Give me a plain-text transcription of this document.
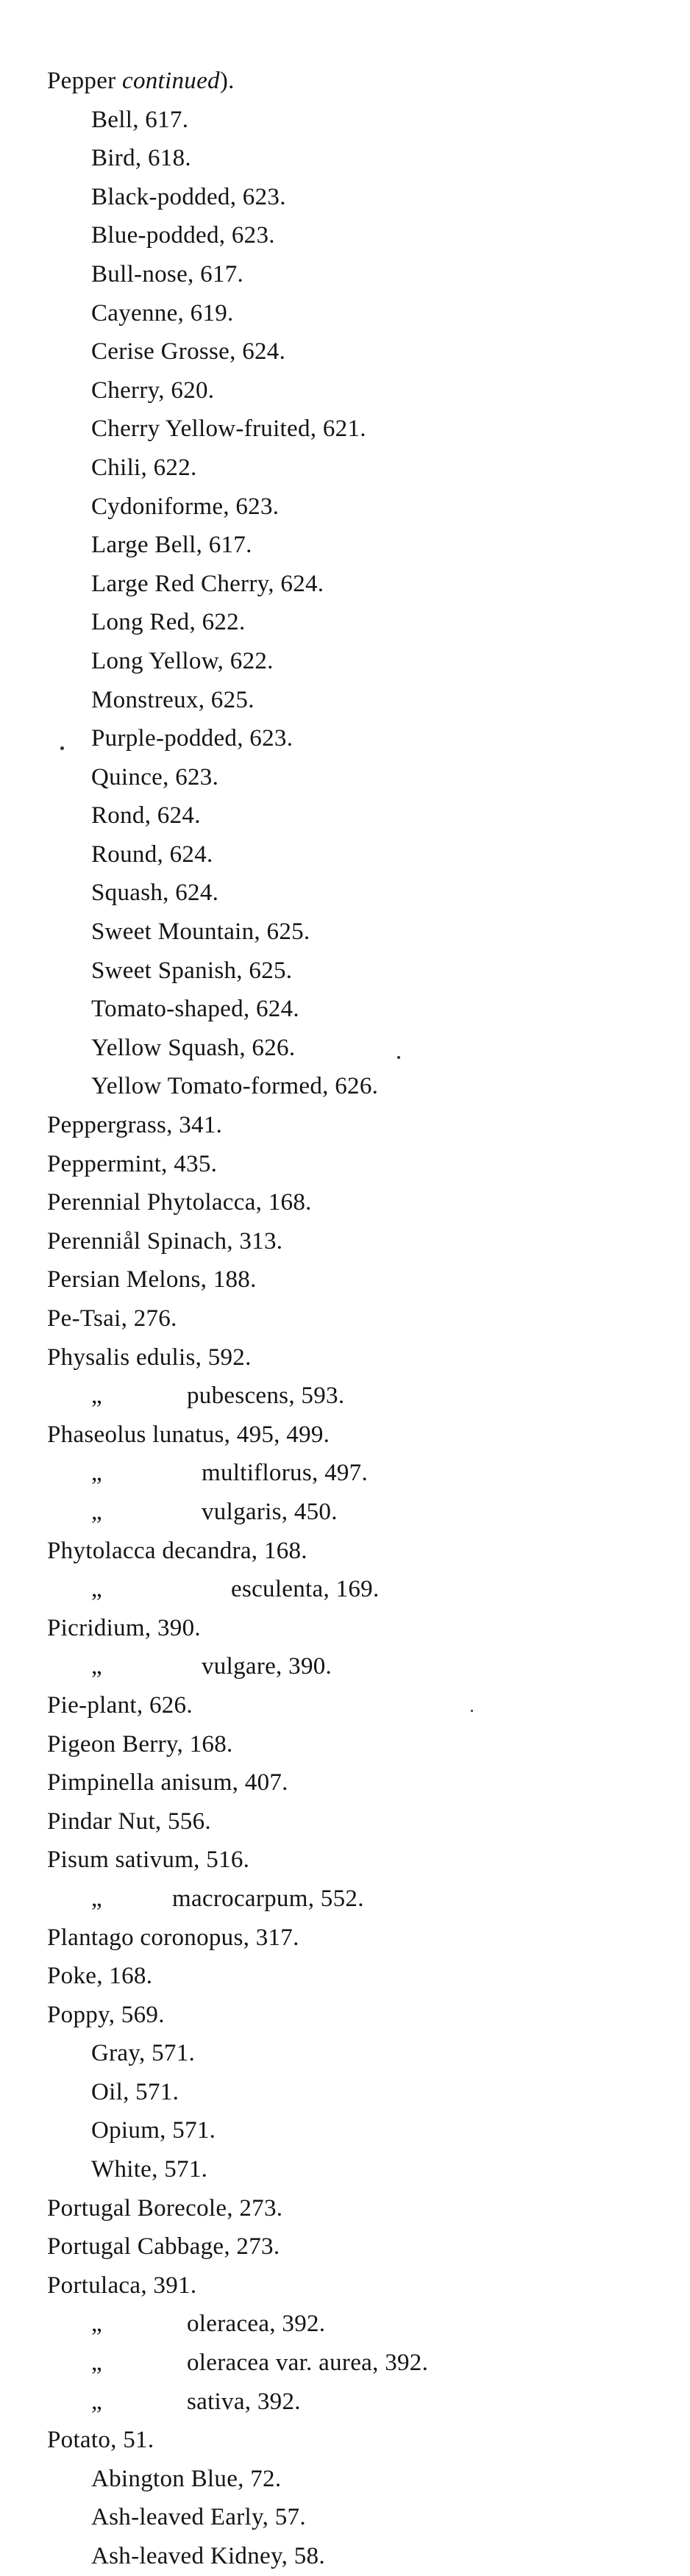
Pepper continued).
Bell, 617.
Bird, 618.
Black-podded, 623.
Blue-podded, 623.
Bull-nose, 617.
Cayenne, 619.
Cerise Grosse, 624.
Cherry, 620.
Cherry Yellow-fruited, 621.
Chili, 622.
Cydoniforme, 623.
Large Bell, 617.
Large Red Cherry, 624.
Long Red, 622.
Long Yellow, 622.
Monstreux, 625.
Purple-podded, 623.
Quince, 623.
Rond, 624.
Round, 624.
Squash, 624.
Sweet Mountain, 625.
Sweet Spanish, 625.
Tomato-shaped, 624.
Yellow Squash, 626.
Yellow Tomato-formed, 626.
Peppergrass, 341.
Peppermint, 435.
Perennial Phytolacca, 168.
Perenniål Spinach, 313.
Persian Melons, 188.
Pe-Tsai, 276.
Physalis edulis, 592.
„	pubescens, 593.
Phaseolus lunatus, 495, 499.
„	multiflorus, 497.
„	vulgaris, 450.
Phytolacca decandra, 168.
„	esculenta, 169.
Picridium, 390.
„	vulgare, 390.
Pie-plant, 626.
Pigeon Berry, 168.
Pimpinella anisum, 407.
Pindar Nut, 556.
Pisum sativum, 516.
„	macrocarpum, 552.
Plantago coronopus, 317.
Poke, 168.
Poppy, 569.
Gray, 571.
Oil, 571.
Opium, 571.
White, 571.
Portugal Borecole, 273.
Portugal Cabbage, 273.
Portulaca, 391.
„	oleracea, 392.
„	oleracea var. aurea, 392.
„	sativa, 392.
Potato, 51.
Abington Blue, 72.
Ash-leaved Early, 57.
Ash-leaved Kidney, 58.
